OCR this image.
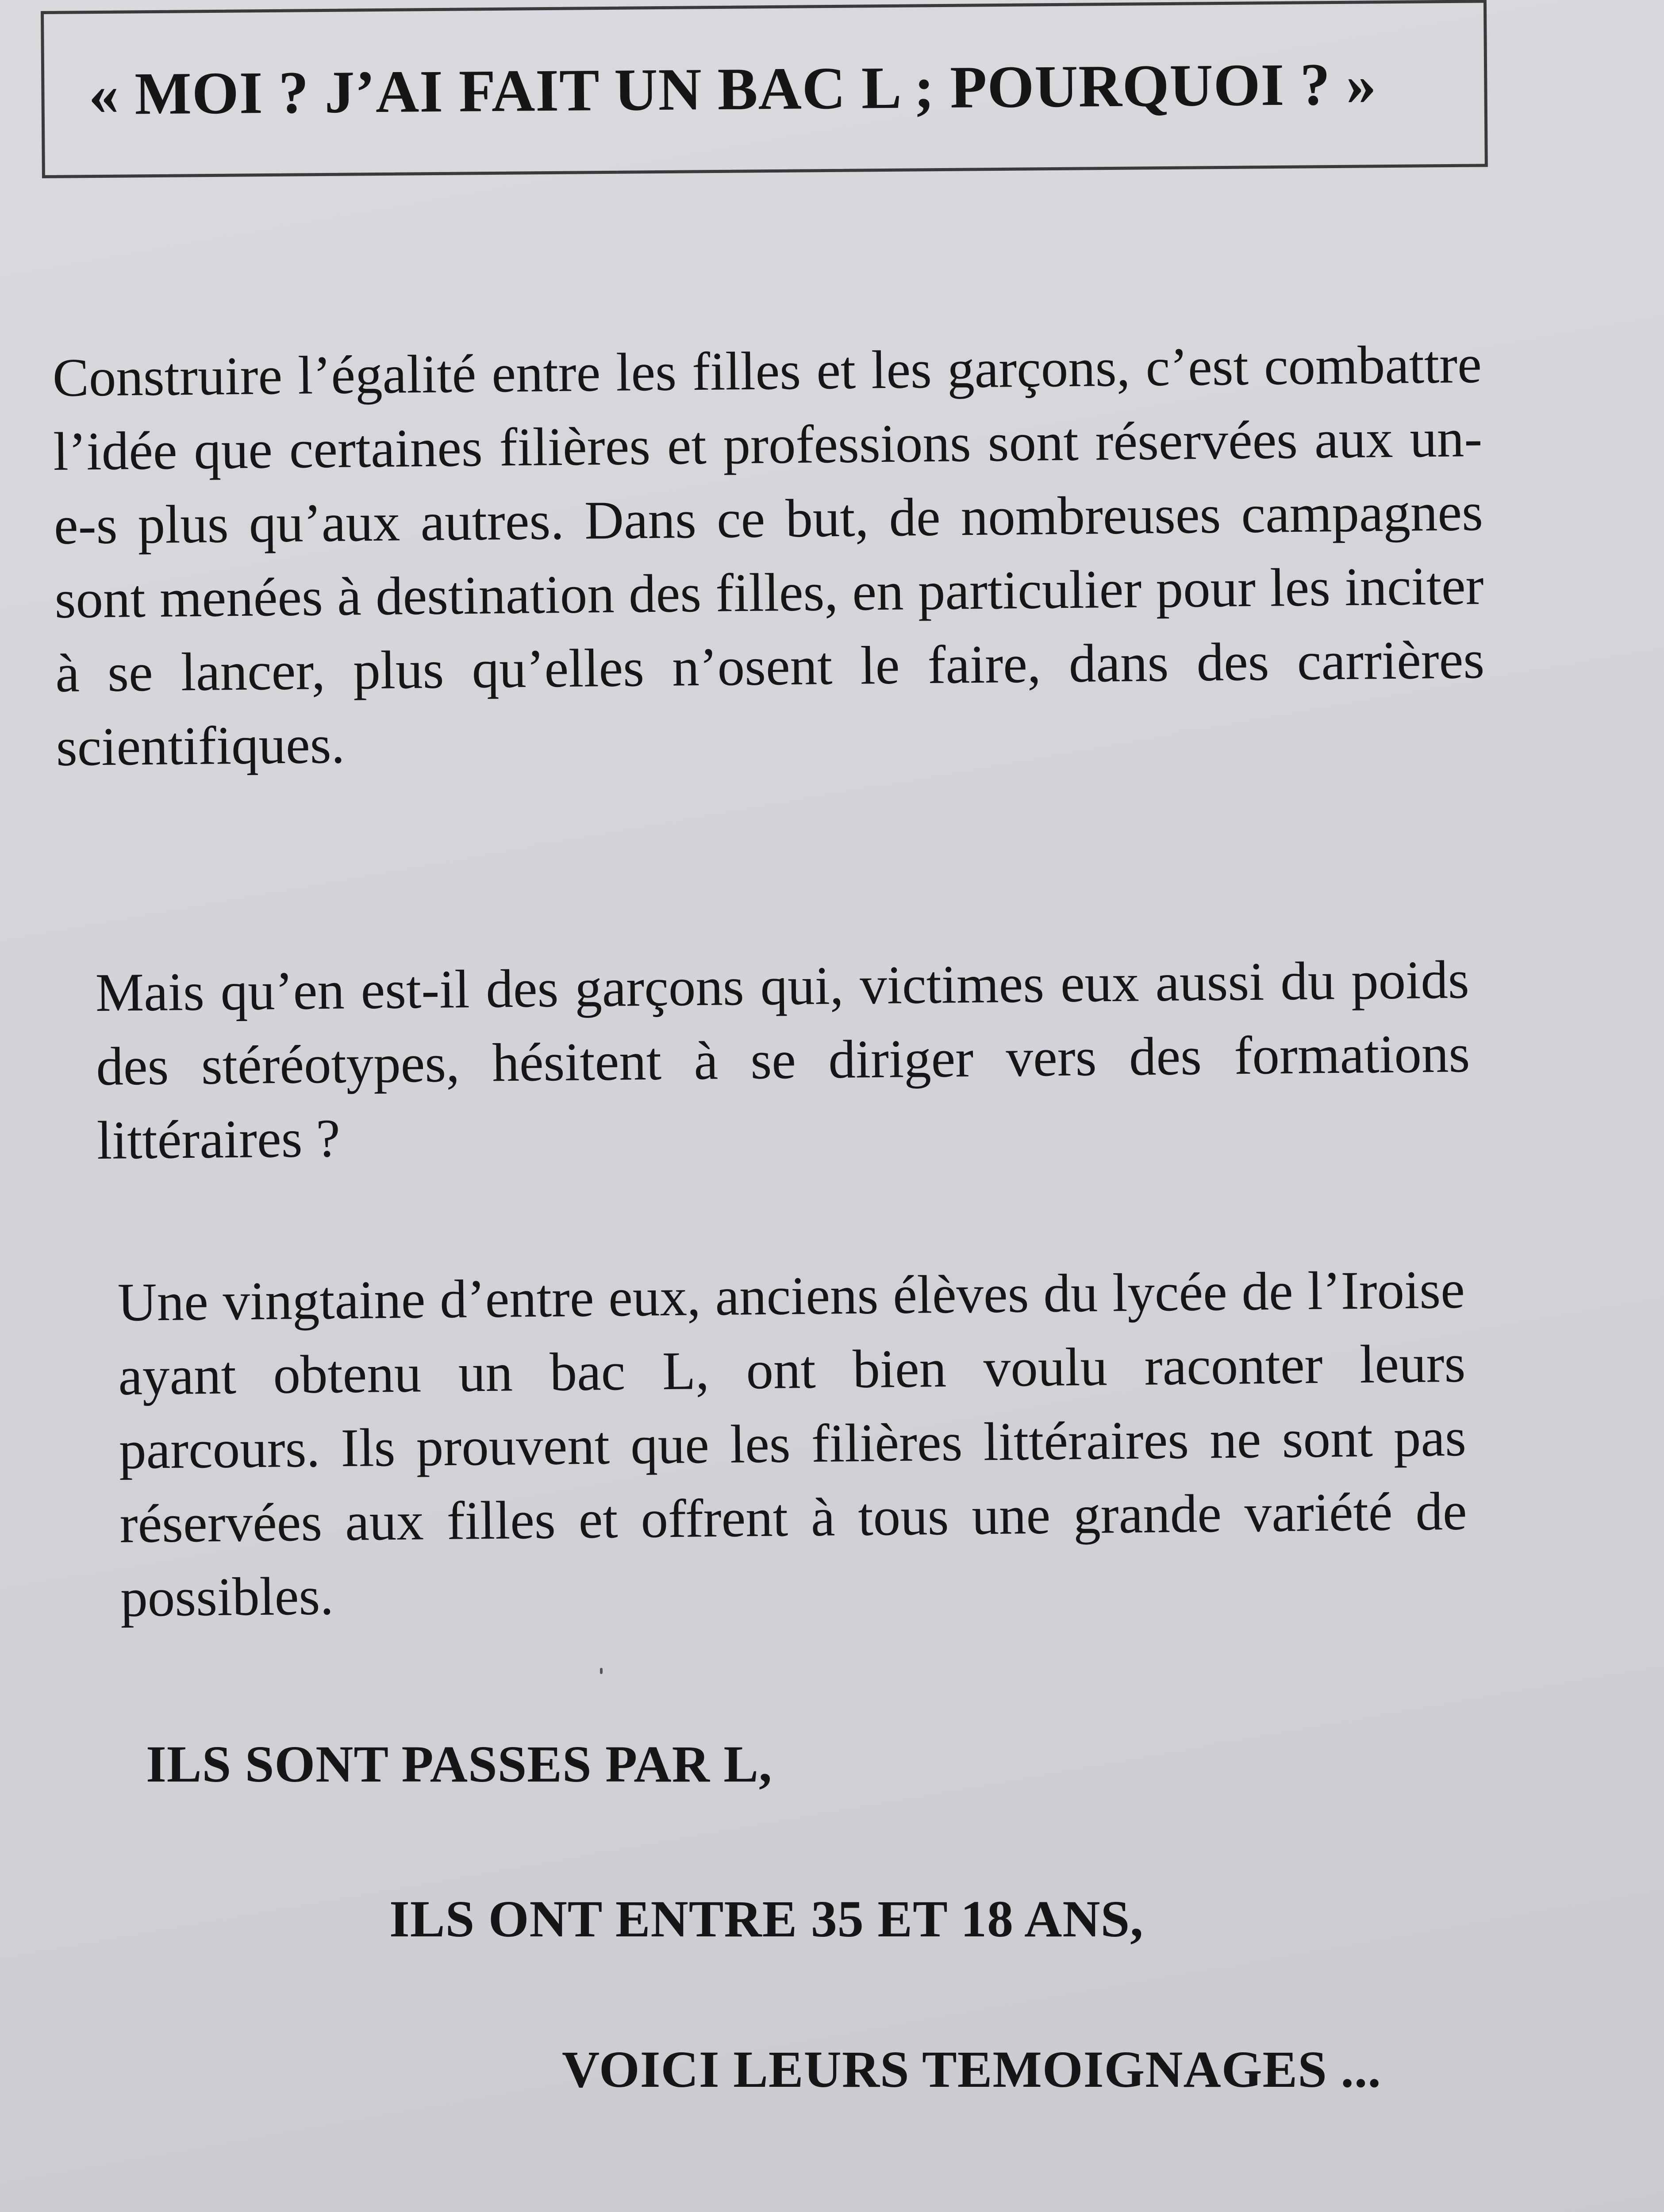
« MOI ? J’AI FAIT UN BAC L ; POURQUOI ? »

Construire l’égalité entre les filles et les garçons, c’est combattre l’idée que certaines filières et professions sont réservées aux un-e-s plus qu’aux autres. Dans ce but, de nombreuses campagnes sont menées à destination des filles, en particulier pour les inciter à se lancer, plus qu’elles n’osent le faire, dans des carrières scientifiques.

Mais qu’en est-il des garçons qui, victimes eux aussi du poids des stéréotypes, hésitent à se diriger vers des formations littéraires ?

Une vingtaine d’entre eux, anciens élèves du lycée de l’Iroise ayant obtenu un bac L, ont bien voulu raconter leurs parcours. Ils prouvent que les filières littéraires ne sont pas réservées aux filles et offrent à tous une grande variété de possibles.

ILS SONT PASSES PAR L,
ILS ONT ENTRE 35 ET 18 ANS,
VOICI LEURS TEMOIGNAGES ...
